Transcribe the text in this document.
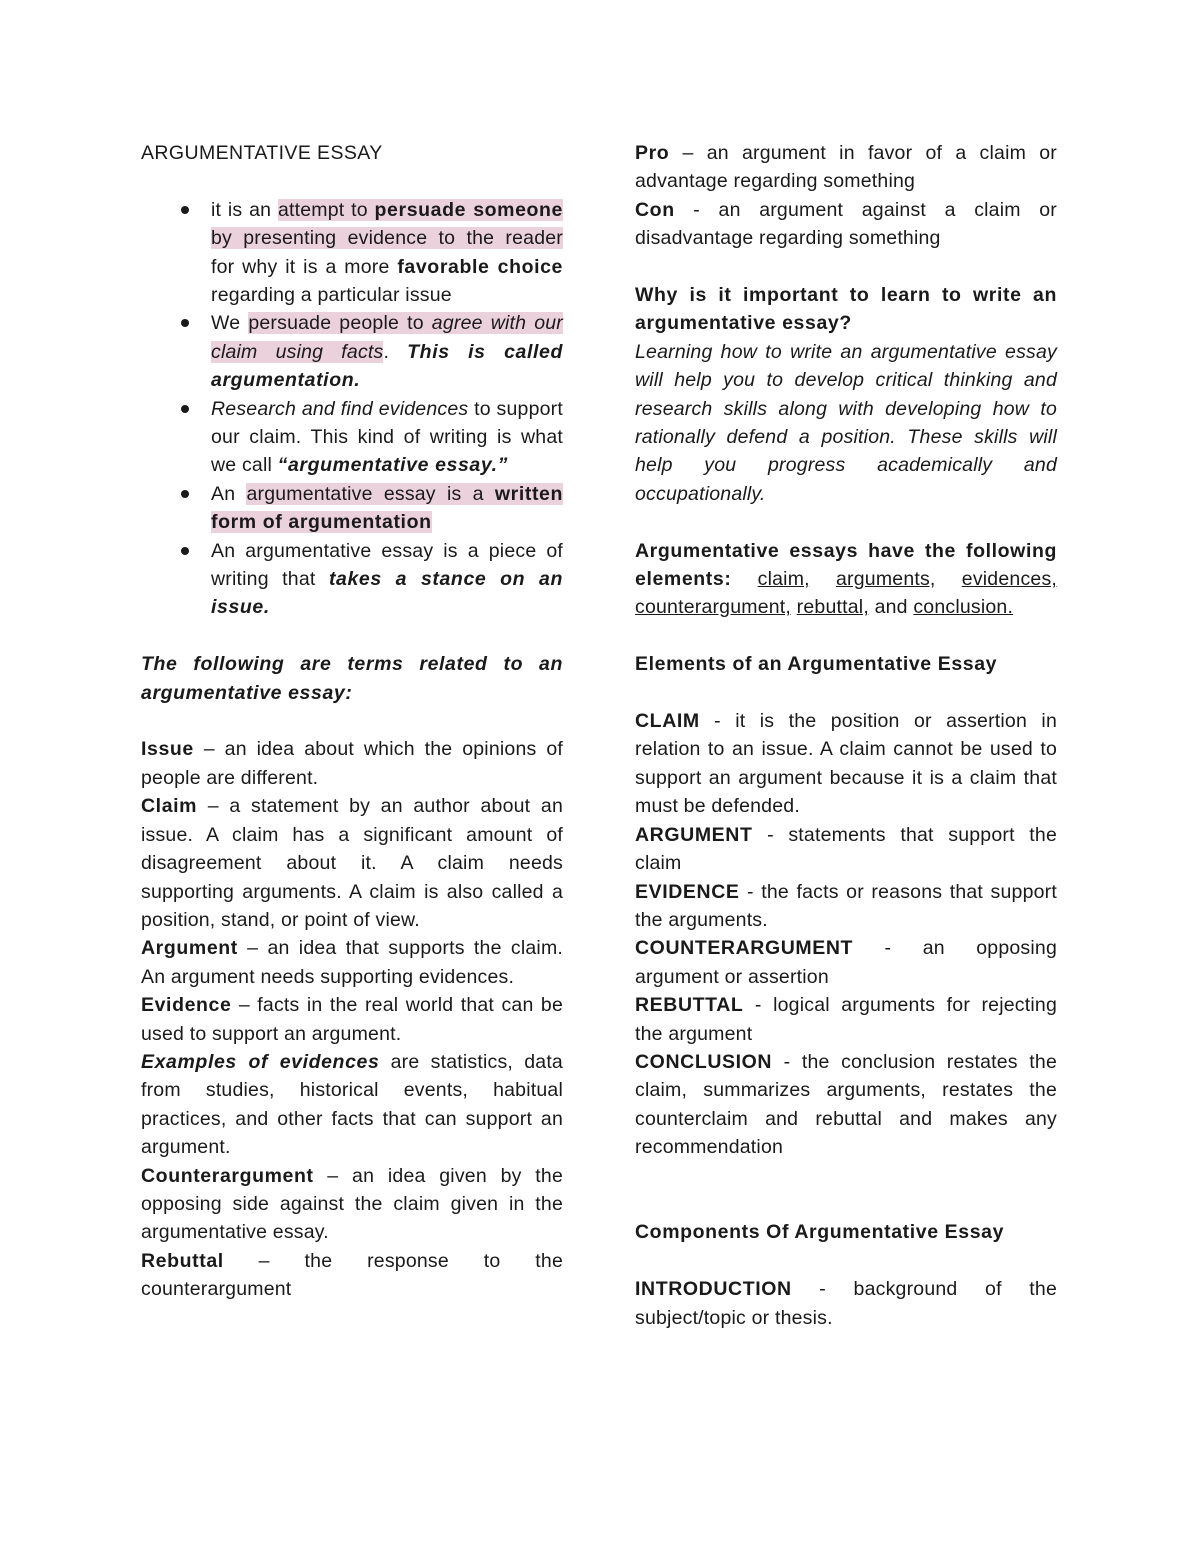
ARGUMENTATIVE ESSAY

it is an attempt to persuade someone by presenting evidence to the reader for why it is a more favorable choice regarding a particular issue
We persuade people to agree with our claim using facts. This is called argumentation.
Research and find evidences to support our claim. This kind of writing is what we call “argumentative essay.”
An argumentative essay is a written form of argumentation
An argumentative essay is a piece of writing that takes a stance on an issue.

The following are terms related to an argumentative essay:

Issue – an idea about which the opinions of people are different.

Claim – a statement by an author about an issue. A claim has a significant amount of disagreement about it. A claim needs supporting arguments. A claim is also called a position, stand, or point of view.

Argument – an idea that supports the claim. An argument needs supporting evidences.

Evidence – facts in the real world that can be used to support an argument.

Examples of evidences are statistics, data from studies, historical events, habitual practices, and other facts that can support an argument.

Counterargument – an idea given by the opposing side against the claim given in the argumentative essay.

Rebuttal – the response to the counterargument

Pro – an argument in favor of a claim or advantage regarding something

Con - an argument against a claim or disadvantage regarding something

Why is it important to learn to write an argumentative essay?

Learning how to write an argumentative essay will help you to develop critical thinking and research skills along with developing how to rationally defend a position. These skills will help you progress academically and occupationally.

Argumentative essays have the following elements: claim, arguments, evidences, counterargument, rebuttal, and conclusion.

Elements of an Argumentative Essay

CLAIM - it is the position or assertion in relation to an issue. A claim cannot be used to support an argument because it is a claim that must be defended.

ARGUMENT - statements that support the claim

EVIDENCE - the facts or reasons that support the arguments.

COUNTERARGUMENT - an opposing argument or assertion

REBUTTAL - logical arguments for rejecting the argument

CONCLUSION - the conclusion restates the claim, summarizes arguments, restates the counterclaim and rebuttal and makes any recommendation

Components Of Argumentative Essay

INTRODUCTION - background of the subject/topic or thesis.
